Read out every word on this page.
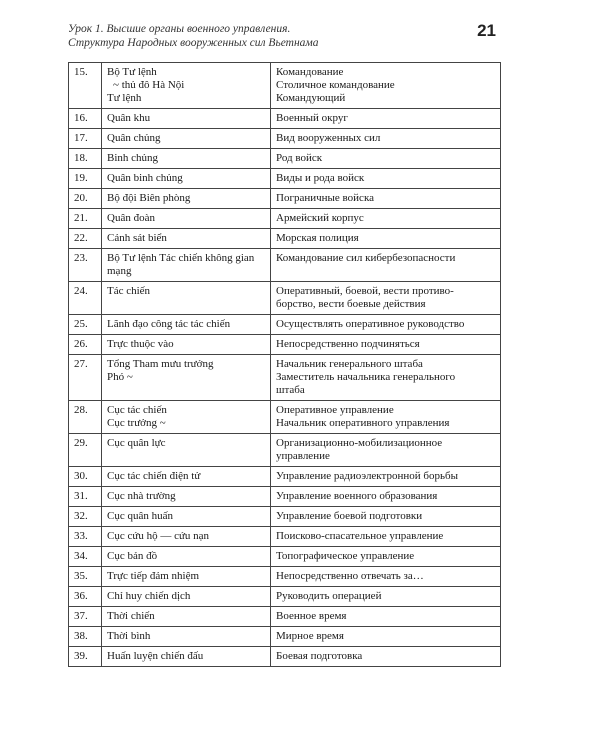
Урок 1. Высшие органы военного управления.
Структура Народных вооруженных сил Вьетнама
21
15.	Bộ Tư lệnh
~ thủ đô Hà Nội
Tư lệnh	Командование
Столичное командование
Командующий

16.	Quân khu	Военный округ

17.	Quân chủng	Вид вооруженных сил

18.	Binh chủng	Род войск

19.	Quân binh chủng	Виды и рода войск

20.	Bộ đội Biên phòng	Пограничные войска

21.	Quân đoàn	Армейский корпус

22.	Cảnh sát biển	Морская полиция

23.	Bộ Tư lệnh Tác chiến không gian mạng	Командование сил кибербезопасности

24.	Tác chiến	Оперативный, боевой, вести противо-
борство, вести боевые действия

25.	Lãnh đạo công tác tác chiến	Осуществлять оперативное руководство

26.	Trực thuộc vào	Непосредственно подчиняться

27.	Tổng Tham mưu trưởng
Phó ~	Начальник генерального штаба
Заместитель начальника генерального
штаба

28.	Cục tác chiến
Cục trưởng ~	Оперативное управление
Начальник оперативного управления

29.	Cục quân lực	Организационно-мобилизационное
управление

30.	Cục tác chiến điện tử	Управление радиоэлектронной борьбы

31.	Cục nhà trường	Управление военного образования

32.	Cục quân huấn	Управление боевой подготовки

33.	Cục cứu hộ — cứu nạn	Поисково-спасательное управление

34.	Cục bản đồ	Топографическое управление

35.	Trực tiếp đảm nhiệm	Непосредственно отвечать за…

36.	Chỉ huy chiến dịch	Руководить операцией

37.	Thời chiến	Военное время

38.	Thời bình	Мирное время

39.	Huấn luyện chiến đấu	Боевая подготовка
